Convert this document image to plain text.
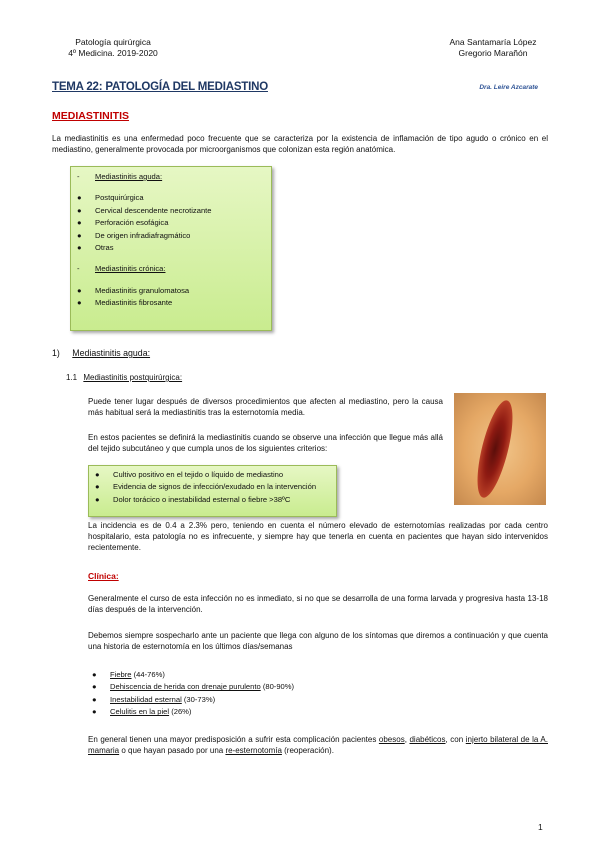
Patología quirúrgica
4º Medicina. 2019-2020
Ana Santamaría López
Gregorio Marañón
TEMA 22: PATOLOGÍA DEL MEDIASTINO	Dra. Leire Azcarate
MEDIASTINITIS
La mediastinitis es una enfermedad poco frecuente que se caracteriza por la existencia de inflamación de tipo agudo o crónico en el mediastino, generalmente provocada por microorganismos que colonizan esta región anatómica.
- Mediastinitis aguda:
● Postquirúrgica
● Cervical descendente necrotizante
● Perforación esofágica
● De origen infradiafragmático
● Otras
- Mediastinitis crónica:
● Mediastinitis granulomatosa
● Mediastinitis fibrosante
1) Mediastinitis aguda:
1.1 Mediastinitis postquirúrgica:
Puede tener lugar después de diversos procedimientos que afecten al mediastino, pero la causa más habitual será la mediastinitis tras la esternotomía media.
En estos pacientes se definirá la mediastinitis cuando se observe una infección que llegue más allá del tejido subcutáneo y que cumpla unos de los siguientes criterios:
● Cultivo positivo en el tejido o líquido de mediastino
● Evidencia de signos de infección/exudado en la intervención
● Dolor torácico o inestabilidad esternal o fiebre >38ºC
La incidencia es de 0.4 a 2.3% pero, teniendo en cuenta el número elevado de esternotomías realizadas por cada centro hospitalario, esta patología no es infrecuente, y siempre hay que tenerla en cuenta en pacientes que hayan sido intervenidos recientemente.
Clínica:
Generalmente el curso de esta infección no es inmediato, si no que se desarrolla de una forma larvada y progresiva hasta 13-18 días después de la intervención.
Debemos siempre sospecharlo ante un paciente que llega con alguno de los síntomas que diremos a continuación y que cuenta una historia de esternotomía en los últimos días/semanas
● Fiebre (44-76%)
● Dehiscencia de herida con drenaje purulento (80-90%)
● Inestabilidad esternal (30-73%)
● Celulitis en la piel (26%)
En general tienen una mayor predisposición a sufrir esta complicación pacientes obesos, diabéticos, con injerto bilateral de la A. mamaria o que hayan pasado por una re-esternotomía (reoperación).
1
